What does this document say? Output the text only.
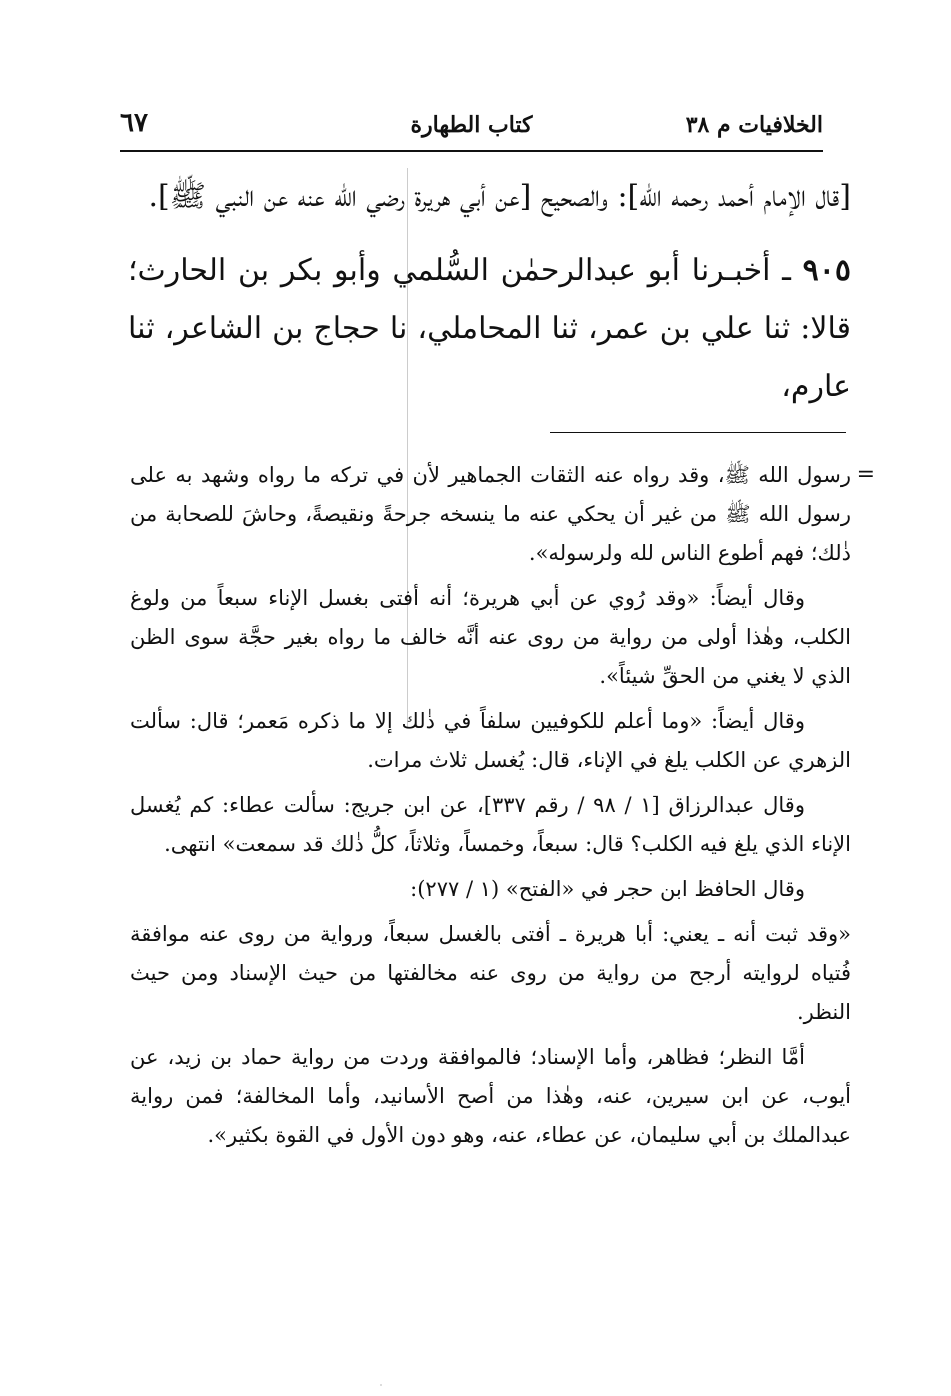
الخلافيات م ٣٨
كتاب الطهارة
٦٧

[قال الإمام أحمد رحمه الله]: والصحيح [عن أبي هريرة رضي الله عنه عن النبي ﷺ].

٩٠٥ ـ أخبـرنا أبو عبدالرحمٰن السُّلمي وأبو بكر بن الحارث؛ قالا: ثنا علي بن عمر، ثنا المحاملي، نا حجاج بن الشاعر، ثنا عارم،

=

رسول الله ﷺ، وقد رواه عنه الثقات الجماهير لأن في تركه ما رواه وشهد به على رسول الله ﷺ من غير أن يحكي عنه ما ينسخه جرحةً ونقيصةً، وحاشَ للصحابة من ذٰلك؛ فهم أطوع الناس لله ولرسوله».

وقال أيضاً: «وقد رُوي عن أبي هريرة؛ أنه أفتى بغسل الإناء سبعاً من ولوغ الكلب، وهٰذا أولى من رواية من روى عنه أنَّه خالف ما رواه بغير حجَّة سوى الظن الذي لا يغني من الحقِّ شيئاً».

وقال أيضاً: «وما أعلم للكوفيين سلفاً في ذٰلك إلا ما ذكره مَعمر؛ قال: سألت الزهري عن الكلب يلغ في الإناء، قال: يُغسل ثلاث مرات.

وقال عبدالرزاق [١ / ٩٨ / رقم ٣٣٧]، عن ابن جريج: سألت عطاء: كم يُغسل الإناء الذي يلغ فيه الكلب؟ قال: سبعاً، وخمساً، وثلاثاً، كلُّ ذٰلك قد سمعت» انتهى.

وقال الحافظ ابن حجر في «الفتح» (١ / ٢٧٧):

«وقد ثبت أنه ـ يعني: أبا هريرة ـ أفتى بالغسل سبعاً، ورواية من روى عنه موافقة فُتياه لروايته أرجح من رواية من روى عنه مخالفتها من حيث الإسناد ومن حيث النظر.

أمَّا النظر؛ فظاهر، وأما الإسناد؛ فالموافقة وردت من رواية حماد بن زيد، عن أيوب، عن ابن سيرين، عنه، وهٰذا من أصح الأسانيد، وأما المخالفة؛ فمن رواية عبدالملك بن أبي سليمان، عن عطاء، عنه، وهو دون الأول في القوة بكثير».
